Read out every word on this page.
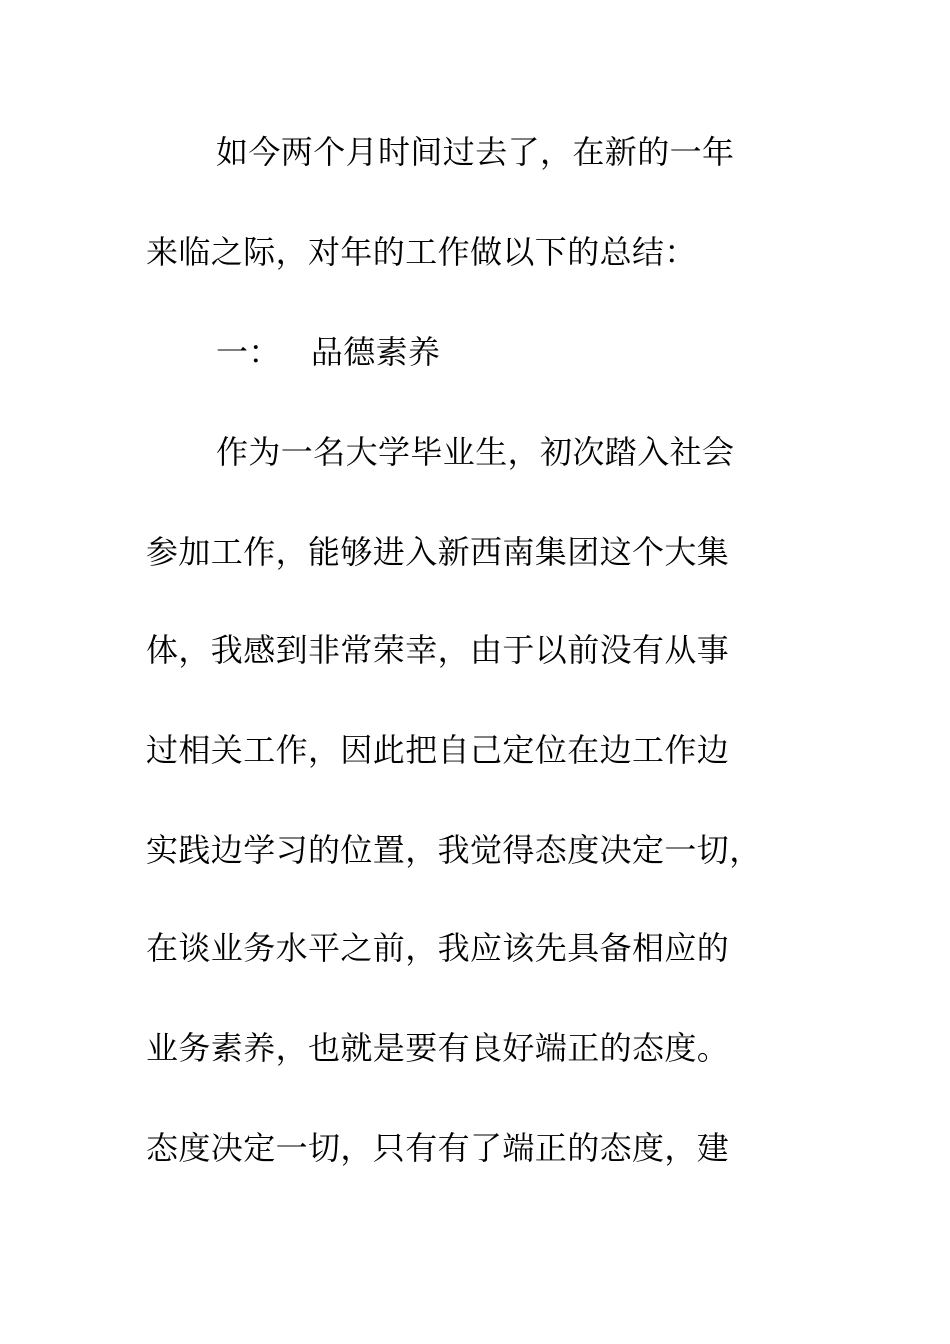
如今两个月时间过去了，在新的一年
来临之际，对年的工作做以下的总结：
一： 品德素养
作为一名大学毕业生，初次踏入社会
参加工作，能够进入新西南集团这个大集
体，我感到非常荣幸，由于以前没有从事
过相关工作，因此把自己定位在边工作边
实践边学习的位置，我觉得态度决定一切，
在谈业务水平之前，我应该先具备相应的
业务素养，也就是要有良好端正的态度。
态度决定一切，只有有了端正的态度，建
